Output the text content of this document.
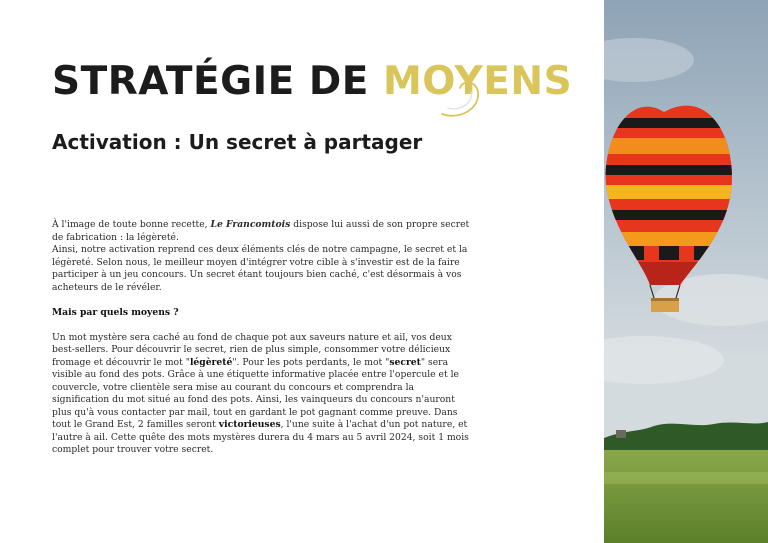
STRATÉGIE DE MOYENS
Activation : Un secret à partager

À l'image de toute bonne recette, Le Francomtois dispose lui aussi de son propre secret de fabrication : la légèreté.

Ainsi, notre activation reprend ces deux éléments clés de notre campagne, le secret et la légèreté. Selon nous, le meilleur moyen d'intégrer votre cible à s'investir est de la faire participer à un jeu concours. Un secret étant toujours bien caché, c'est désormais à vos acheteurs de le révéler.

Mais par quels moyens ?

Un mot mystère sera caché au fond de chaque pot aux saveurs nature et ail, vos deux best-sellers. Pour découvrir le secret, rien de plus simple, consommer votre délicieux fromage et découvrir le mot "légèreté". Pour les pots perdants, le mot "secret" sera visible au fond des pots. Grâce à une étiquette informative placée entre l'opercule et le couvercle, votre clientèle sera mise au courant du concours et comprendra la signification du mot situé au fond des pots. Ainsi, les vainqueurs du concours n'auront plus qu'à vous contacter par mail, tout en gardant le pot gagnant comme preuve. Dans tout le Grand Est, 2 familles seront victorieuses, l'une suite à l'achat d'un pot nature, et l'autre à ail. Cette quête des mots mystères durera du 4 mars au 5 avril 2024, soit 1 mois complet pour trouver votre secret.
